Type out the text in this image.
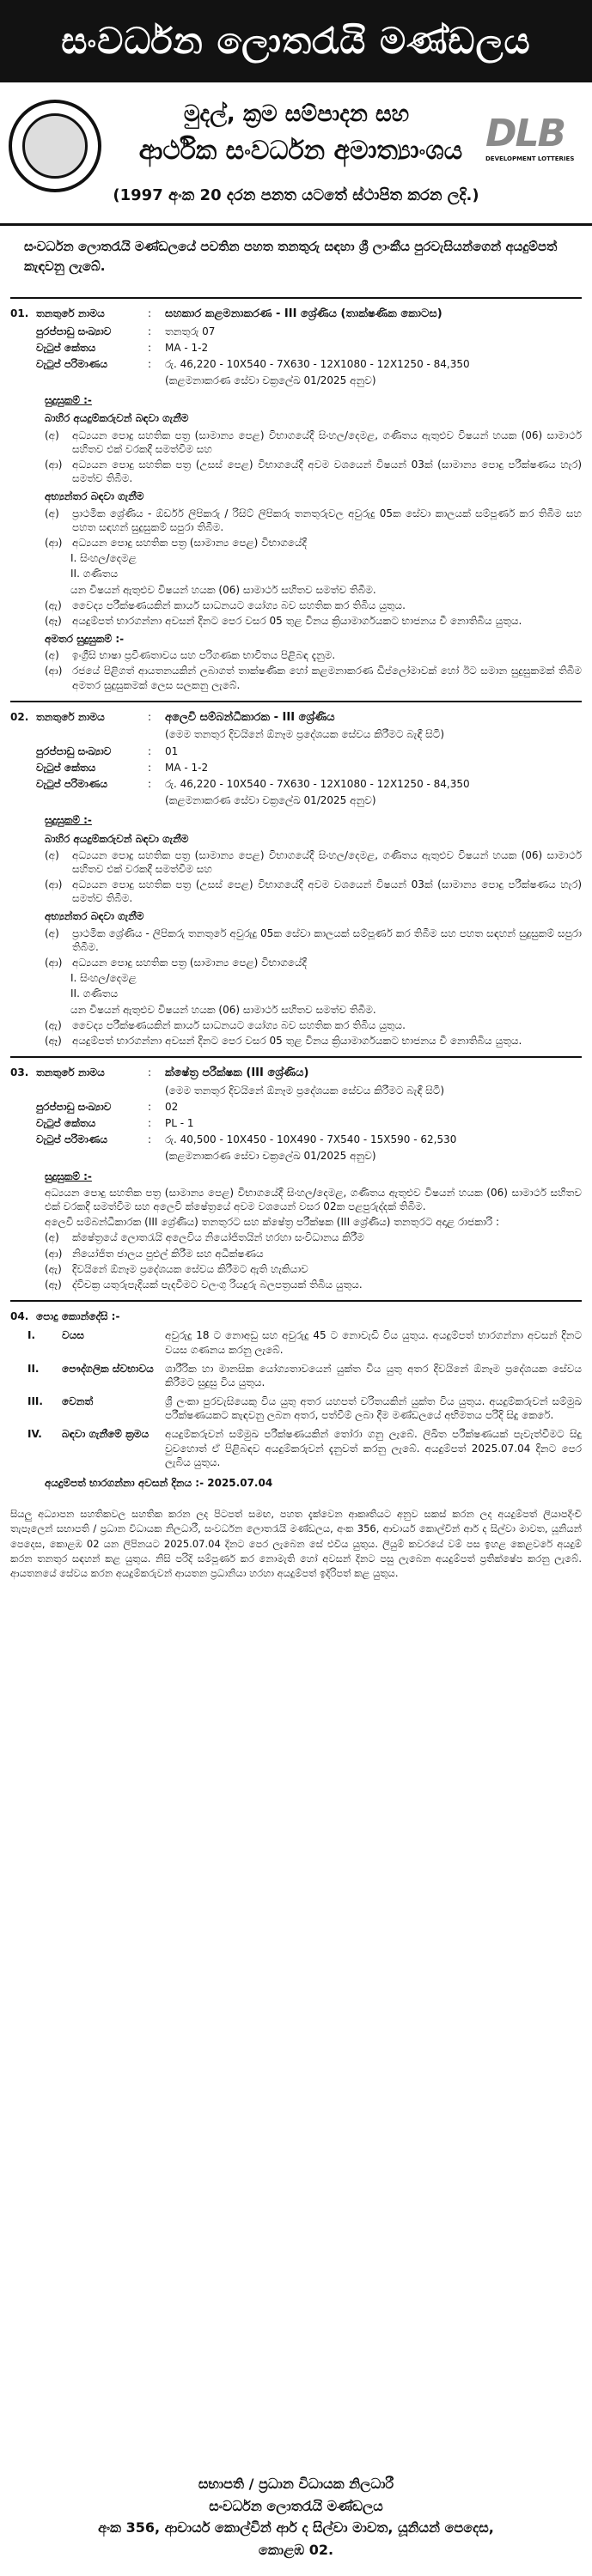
සංවර්ධන ලොතරැයි මණ්ඩලය
මුදල්, ක්‍රම සම්පාදන සහ
ආර්ථික සංවර්ධන අමාත්‍යාංශය DLB
DEVELOPMENT LOTTERIES
(1997 අංක 20 දරන පනත යටතේ ස්ථාපිත කරන ලදි.)
සංවර්ධන ලොතරැයි මණ්ඩලයේ පවතින පහත තනතුරු සඳහා ශ්‍රී ලාංකීය පුරවැසියන්ගෙන් අයදුම්පත් කැඳවනු ලැබේ.
01. තනතුරේ නාමය	:	සහකාර කළමනාකරණ - III ශ්‍රේණිය (තාක්ෂණික කොටස)
පුරප්පාඩු සංඛ්‍යාව	:	තනතුරු 07
වැටුප් කේතය	:	MA - 1-2
වැටුප් පරිමාණය	:	රු. 46,220 - 10X540 - 7X630 - 12X1080 - 12X1250 - 84,350
(කළමනාකරණ සේවා චක්‍රලේඛ 01/2025 අනුව)
සුදුසුකම් :-
බාහිර අයදුම්කරුවන් බඳවා ගැනීම
(අ)	අධ්‍යයන පොදු සහතික පත්‍ර (සාමාන්‍ය පෙළ) විභාගයේදී සිංහල/දෙමළ, ගණිතය ඇතුළුව විෂයන් හයක (06) සාමාර්ථ සහිතව එක් වරකදී සමත්වීම සහ
(ආ) අධ්‍යයන පොදු සහතික පත්‍ර (උසස් පෙළ) විභාගයේදී අවම වශයෙන් විෂයන් 03ක් (සාමාන්‍ය පොදු පරීක්ෂණය හැර) සමත්ව තිබීම.
අභ්‍යන්තර බඳවා ගැනීම
(අ)	ප්‍රාථමික ශ්‍රේණිය - ඕර්ඩර් ලිපිකරු / රිසිට් ලිපිකරු තනතුරුවල අවුරුදු 05ක සේවා කාලයක් සම්පූර්ණ කර තිබීම සහ පහත සඳහන් සුදුසුකම් සපුරා තිබීම.
(ආ) අධ්‍යයන පොදු සහතික පත්‍ර (සාමාන්‍ය පෙළ) විභාගයේදී
I. සිංහල/දෙමළ
II. ගණිතය
යන විෂයන් ඇතුළුව විෂයන් හයක (06) සාමාර්ථ සහිතව සමත්ව තිබීම.
(ඇ)	වෛද්‍ය පරීක්ෂණයකින් කාර්ය සාධනයට යෝග්‍ය බව සහතික කර තිබිය යුතුය.
(ඈ)	අයදුම්පත් භාරගන්නා අවසන් දිනට පෙර වසර 05 තුළ විනය ක්‍රියාමාර්ගයකට භාජනය වී නොතිබිය යුතුය.
අමතර සුදුසුකම් :-
(අ)	ඉංග්‍රීසි භාෂා ප්‍රවීණතාවය සහ පරිගණක භාවිතය පිළිබඳ දැනුම.
(ආ) රජයේ පිළිගත් ආයතනයකින් ලබාගත් තාක්ෂණික හෝ කළමනාකරණ ඩිප්ලෝමාවක් හෝ ඊට සමාන සුදුසුකමක් තිබීම අමතර සුදුසුකමක් ලෙස සලකනු ලැබේ.
02. තනතුරේ නාමය	:	අලෙවි සම්බන්ධීකාරක - III ශ්‍රේණිය
(මෙම තනතුර දිවයිනේ ඕනෑම ප්‍රදේශයක සේවය කිරීමට බැඳී සිටී)
පුරප්පාඩු සංඛ්‍යාව	:	01
වැටුප් කේතය	:	MA - 1-2
වැටුප් පරිමාණය	:	රු. 46,220 - 10X540 - 7X630 - 12X1080 - 12X1250 - 84,350
(කළමනාකරණ සේවා චක්‍රලේඛ 01/2025 අනුව)
සුදුසුකම් :-
බාහිර අයදුම්කරුවන් බඳවා ගැනීම
(අ)	අධ්‍යයන පොදු සහතික පත්‍ර (සාමාන්‍ය පෙළ) විභාගයේදී සිංහල/දෙමළ, ගණිතය ඇතුළුව විෂයන් හයක (06) සාමාර්ථ සහිතව එක් වරකදී සමත්වීම සහ
(ආ) අධ්‍යයන පොදු සහතික පත්‍ර (උසස් පෙළ) විභාගයේදී අවම වශයෙන් විෂයන් 03ක් (සාමාන්‍ය පොදු පරීක්ෂණය හැර) සමත්ව තිබීම.
අභ්‍යන්තර බඳවා ගැනීම
(අ)	ප්‍රාථමික ශ්‍රේණිය - ලිපිකරු තනතුරේ අවුරුදු 05ක සේවා කාලයක් සම්පූර්ණ කර තිබීම සහ පහත සඳහන් සුදුසුකම් සපුරා තිබීම.
(ආ) අධ්‍යයන පොදු සහතික පත්‍ර (සාමාන්‍ය පෙළ) විභාගයේදී
I. සිංහල/දෙමළ
II. ගණිතය
යන විෂයන් ඇතුළුව විෂයන් හයක (06) සාමාර්ථ සහිතව සමත්ව තිබීම.
(ඇ)	වෛද්‍ය පරීක්ෂණයකින් කාර්ය සාධනයට යෝග්‍ය බව සහතික කර තිබිය යුතුය.
(ඈ)	අයදුම්පත් භාරගන්නා අවසන් දිනට පෙර වසර 05 තුළ විනය ක්‍රියාමාර්ගයකට භාජනය වී නොතිබිය යුතුය.
03. තනතුරේ නාමය	:	ක්ෂේත්‍ර පරීක්ෂක (III ශ්‍රේණිය)
(මෙම තනතුර දිවයිනේ ඕනෑම ප්‍රදේශයක සේවය කිරීමට බැඳී සිටී)
පුරප්පාඩු සංඛ්‍යාව	:	02
වැටුප් කේතය	:	PL - 1
වැටුප් පරිමාණය	:	රු. 40,500 - 10X450 - 10X490 - 7X540 - 15X590 - 62,530
(කළමනාකරණ සේවා චක්‍රලේඛ 01/2025 අනුව)
සුදුසුකම් :-
අධ්‍යයන පොදු සහතික පත්‍ර (සාමාන්‍ය පෙළ) විභාගයේදී සිංහල/දෙමළ, ගණිතය ඇතුළුව විෂයන් හයක (06) සාමාර්ථ සහිතව එක් වරකදී සමත්වීම සහ අලෙවි ක්ෂේත්‍රයේ අවම වශයෙන් වසර 02ක පළපුරුද්දක් තිබීම.
අලෙවි සම්බන්ධීකාරක (III ශ්‍රේණිය) තනතුරට සහ ක්ෂේත්‍ර පරීක්ෂක (III ශ්‍රේණිය) තනතුරට අදාළ රාජකාරි :
(අ)	ක්ෂේත්‍රයේ ලොතරැයි අලෙවිය නියෝජිතයින් හරහා සංවිධානය කිරීම
(ආ) නියෝජිත ජාලය පුළුල් කිරීම සහ අධීක්ෂණය
(ඇ)	දිවයිනේ ඕනෑම ප්‍රදේශයක සේවය කිරීමට ඇති හැකියාව
(ඈ)	ද්විචක්‍ර යතුරුපැදියක් පැදවීමට වලංගු රියදුරු බලපත්‍රයක් තිබිය යුතුය.
04. පොදු කොන්දේසි :-
I.	වයස	අවුරුදු 18 ට නොඅඩු සහ අවුරුදු 45 ට නොවැඩි විය යුතුය. අයදුම්පත් භාරගන්නා අවසන් දිනට වයස ගණනය කරනු ලැබේ.
II.	පෞද්ගලික ස්වභාවය	ශාරීරික හා මානසික යෝග්‍යතාවයෙන් යුක්ත විය යුතු අතර දිවයිනේ ඕනෑම ප්‍රදේශයක සේවය කිරීමට සුදුසු විය යුතුය.
III.	වෙනත්	ශ්‍රී ලංකා පුරවැසියෙකු විය යුතු අතර යහපත් චරිතයකින් යුක්ත විය යුතුය. අයදුම්කරුවන් සම්මුඛ පරීක්ෂණයකට කැඳවනු ලබන අතර, පත්වීම් ලබා දීම මණ්ඩලයේ අභිමතය පරිදි සිදු කෙරේ.
IV.	බඳවා ගැනීමේ ක්‍රමය	අයදුම්කරුවන් සම්මුඛ පරීක්ෂණයකින් තෝරා ගනු ලැබේ. ලිඛිත පරීක්ෂණයක් පැවැත්වීමට සිදු වුවහොත් ඒ පිළිබඳව අයදුම්කරුවන් දැනුවත් කරනු ලැබේ. අයදුම්පත් 2025.07.04 දිනට පෙර ලැබිය යුතුය.
අයදුම්පත් භාරගන්නා අවසන් දිනය :- 2025.07.04
සියලු අධ්‍යාපන සහතිකවල සහතික කරන ලද පිටපත් සමඟ, පහත දැක්වෙන ආකෘතියට අනුව සකස් කරන ලද අයදුම්පත් ලියාපදිංචි තැපෑලෙන් සභාපති / ප්‍රධාන විධායක නිලධාරී, සංවර්ධන ලොතරැයි මණ්ඩලය, අංක 356, ආචාර්ය කොල්වින් ආර් ද සිල්වා මාවත, යූනියන් පෙදෙස, කොළඹ 02 යන ලිපිනයට 2025.07.04 දිනට පෙර ලැබෙන සේ එවිය යුතුය. ලියුම් කවරයේ වම් පස ඉහළ කෙළවරේ අයදුම් කරන තනතුර සඳහන් කළ යුතුය. නිසි පරිදි සම්පූර්ණ කර නොමැති හෝ අවසන් දිනට පසු ලැබෙන අයදුම්පත් ප්‍රතික්ෂේප කරනු ලැබේ. ආයතනයේ සේවය කරන අයදුම්කරුවන් ආයතන ප්‍රධානියා හරහා අයදුම්පත් ඉදිරිපත් කළ යුතුය.
සභාපති / ප්‍රධාන විධායක නිලධාරී
සංවර්ධන ලොතරැයි මණ්ඩලය
අංක 356, ආචාර්ය කොල්වින් ආර් ද සිල්වා මාවත, යූනියන් පෙදෙස,
කොළඹ 02.
